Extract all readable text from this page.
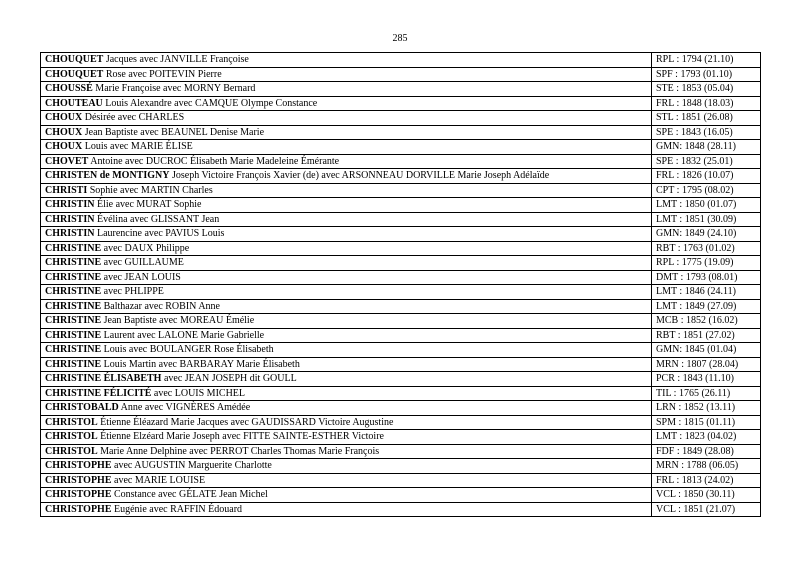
285
CHOUQUET Jacques avec JANVILLE Françoise	RPL : 1794 (21.10)
CHOUQUET Rose avec POITEVIN Pierre	SPF : 1793 (01.10)
CHOUSSÉ Marie Françoise avec MORNY Bernard	STE : 1853 (05.04)
CHOUTEAU Louis Alexandre avec CAMQUE Olympe Constance	FRL : 1848 (18.03)
CHOUX Désirée avec CHARLES	STL : 1851 (26.08)
CHOUX Jean Baptiste avec BEAUNEL Denise Marie	SPE : 1843 (16.05)
CHOUX Louis avec MARIE ÉLISE	GMN: 1848 (28.11)
CHOVET Antoine avec DUCROC Élisabeth Marie Madeleine Émérante	SPE : 1832 (25.01)
CHRISTEN de MONTIGNY Joseph Victoire François Xavier (de) avec ARSONNEAU DORVILLE Marie Joseph Adélaïde	FRL : 1826 (10.07)
CHRISTI Sophie avec MARTIN Charles	CPT : 1795 (08.02)
CHRISTIN Élie avec MURAT Sophie	LMT : 1850 (01.07)
CHRISTIN Évélina avec GLISSANT Jean	LMT : 1851 (30.09)
CHRISTIN Laurencine avec PAVIUS Louis	GMN: 1849 (24.10)
CHRISTINE avec DAUX Philippe	RBT : 1763 (01.02)
CHRISTINE avec GUILLAUME	RPL : 1775 (19.09)
CHRISTINE avec JEAN LOUIS	DMT : 1793 (08.01)
CHRISTINE avec PHLIPPE	LMT : 1846 (24.11)
CHRISTINE Balthazar avec ROBIN Anne	LMT : 1849 (27.09)
CHRISTINE Jean Baptiste avec MOREAU Émélie	MCB : 1852 (16.02)
CHRISTINE Laurent avec LALONE Marie Gabrielle	RBT : 1851 (27.02)
CHRISTINE Louis avec BOULANGER Rose Élisabeth	GMN: 1845 (01.04)
CHRISTINE Louis Martin avec BARBARAY Marie Élisabeth	MRN : 1807 (28.04)
CHRISTINE ÉLISABETH avec JEAN JOSEPH dit GOULL	PCR : 1843 (11.10)
CHRISTINE FÉLICITÉ avec LOUIS MICHEL	TIL : 1765 (26.11)
CHRISTOBALD Anne avec VIGNÈRES Amédée	LRN : 1852 (13.11)
CHRISTOL Étienne Éléazard Marie Jacques avec GAUDISSARD Victoire Augustine	SPM : 1815 (01.11)
CHRISTOL Étienne Elzéard Marie Joseph avec FITTE SAINTE-ESTHER Victoire	LMT : 1823 (04.02)
CHRISTOL Marie Anne Delphine avec PERROT Charles Thomas Marie François	FDF : 1849 (28.08)
CHRISTOPHE avec AUGUSTIN Marguerite Charlotte	MRN : 1788 (06.05)
CHRISTOPHE avec MARIE LOUISE	FRL : 1813 (24.02)
CHRISTOPHE Constance avec GÉLATE Jean Michel	VCL : 1850 (30.11)
CHRISTOPHE Eugénie avec RAFFIN Édouard	VCL : 1851 (21.07)
